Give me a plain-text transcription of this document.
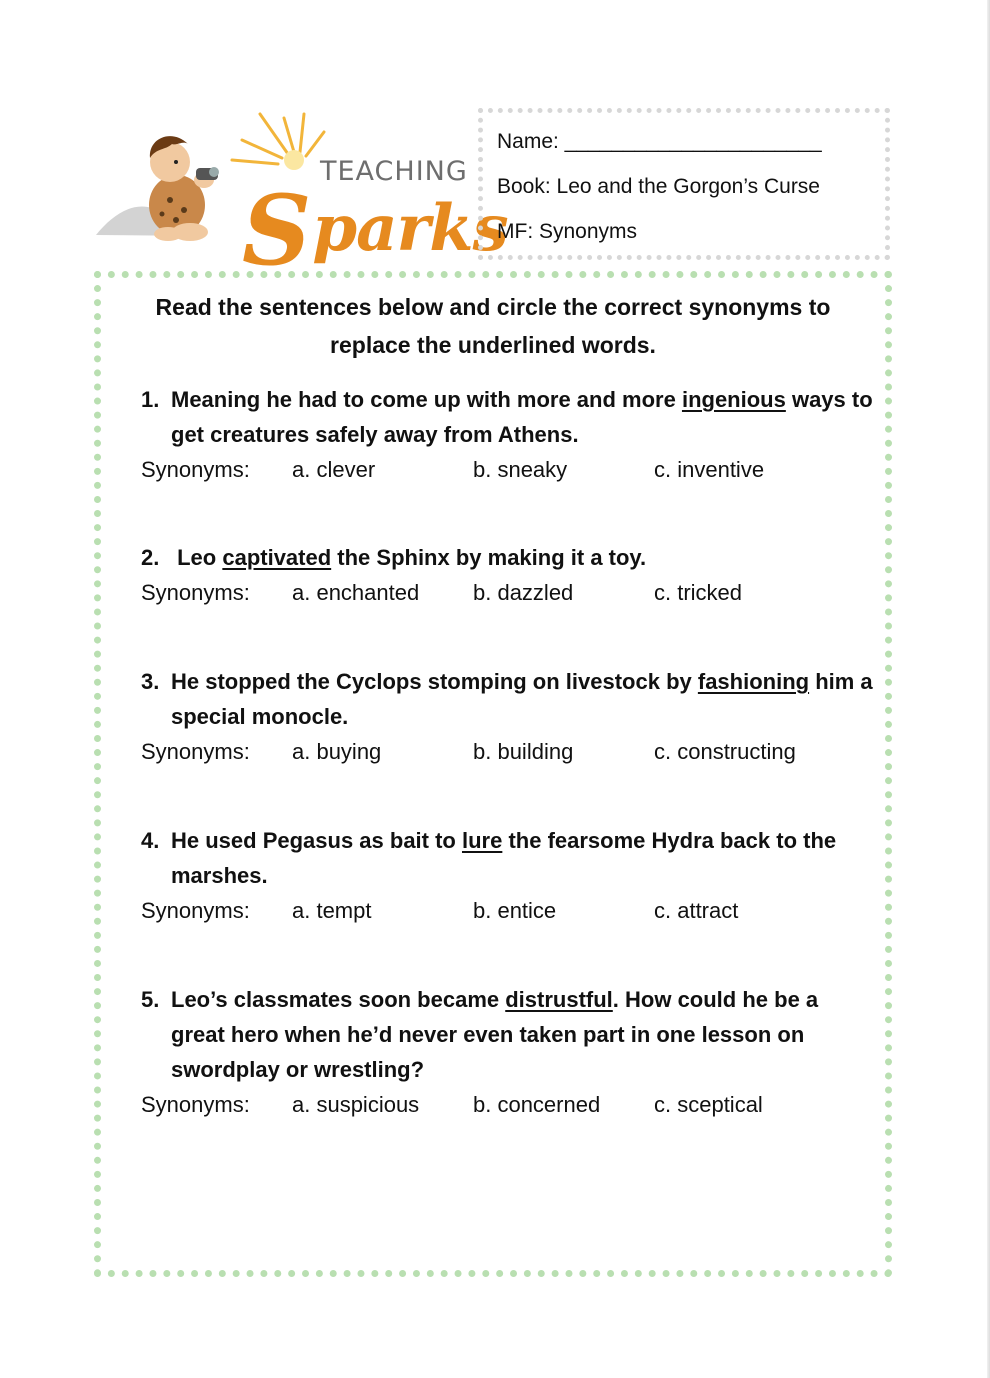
TEACHING
Sparks
Name: ______________________
Book: Leo and the Gorgon’s Curse
MF: Synonyms
Read the sentences below and circle the correct synonyms to replace the underlined words.
1. Meaning he had to come up with more and more ingenious ways to get creatures safely away from Athens.
Synonyms: a. clever	b. sneaky	c. inventive
2. Leo captivated the Sphinx by making it a toy.
Synonyms: a. enchanted b. dazzled	c. tricked
3. He stopped the Cyclops stomping on livestock by fashioning him a special monocle.
Synonyms: a. buying	b. building	c. constructing
4. He used Pegasus as bait to lure the fearsome Hydra back to the marshes.
Synonyms: a. tempt	b. entice	c. attract
5. Leo’s classmates soon became distrustful. How could he be a great hero when he’d never even taken part in one lesson on swordplay or wrestling?
Synonyms: a. suspicious b. concerned c. sceptical
